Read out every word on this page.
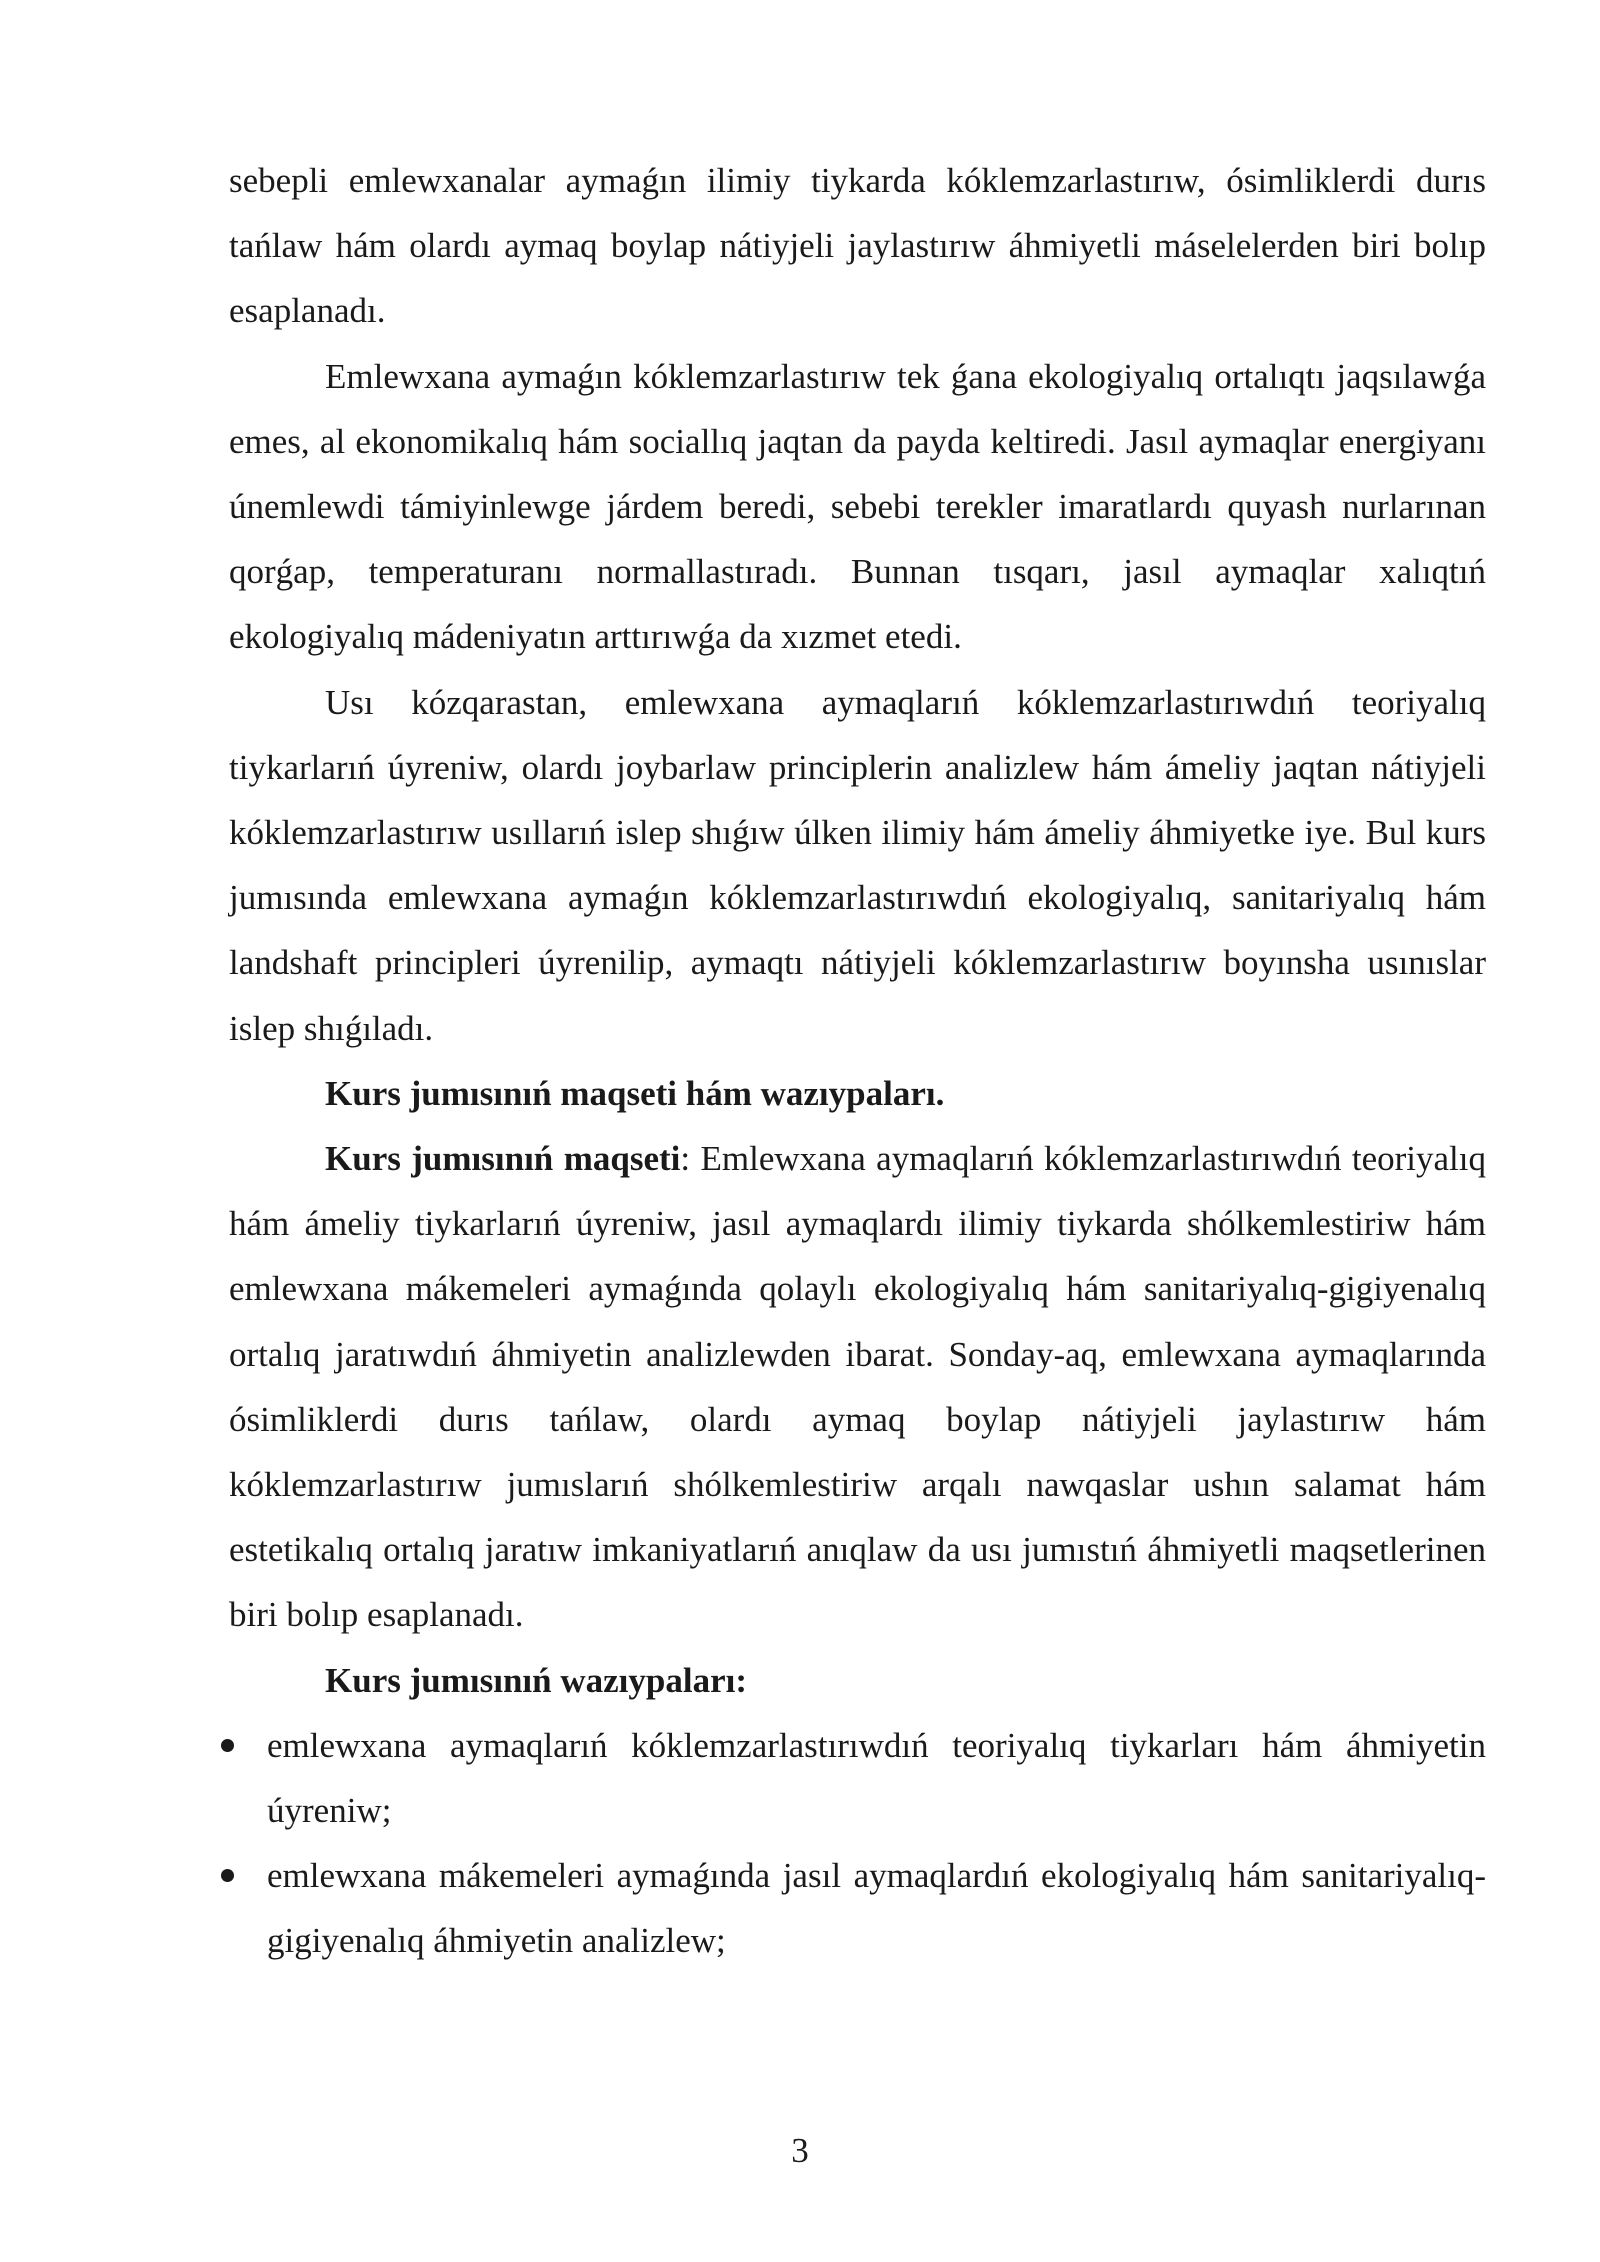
sebepli emlewxanalar aymaǵın ilimiy tiykarda kóklemzarlastırıw, ósimliklerdi durıs tańlaw hám olardı aymaq boylap nátiyjeli jaylastırıw áhmiyetli máselelerden biri bolıp esaplanadı.

Emlewxana aymaǵın kóklemzarlastırıw tek ǵana ekologiyalıq ortalıqtı jaqsılawǵa emes, al ekonomikalıq hám sociallıq jaqtan da payda keltiredi. Jasıl aymaqlar energiyanı únemlewdi támiyinlewge járdem beredi, sebebi terekler imaratlardı quyash nurlarınan qorǵap, temperaturanı normallastıradı. Bunnan tısqarı, jasıl aymaqlar xalıqtıń ekologiyalıq mádeniyatın arttırıwǵa da xızmet etedi.

Usı kózqarastan, emlewxana aymaqlarıń kóklemzarlastırıwdıń teoriyalıq tiykarlarıń úyreniw, olardı joybarlaw principlerin analizlew hám ámeliy jaqtan nátiyjeli kóklemzarlastırıw usıllarıń islep shıǵıw úlken ilimiy hám ámeliy áhmiyetke iye. Bul kurs jumısında emlewxana aymaǵın kóklemzarlastırıwdıń ekologiyalıq, sanitariyalıq hám landshaft principleri úyrenilip, aymaqtı nátiyjeli kóklemzarlastırıw boyınsha usınıslar islep shıǵıladı.

Kurs jumısınıń maqseti hám wazıypaları.

Kurs jumısınıń maqseti: Emlewxana aymaqlarıń kóklemzarlastırıwdıń teoriyalıq hám ámeliy tiykarlarıń úyreniw, jasıl aymaqlardı ilimiy tiykarda shólkemlestiriw hám emlewxana mákemeleri aymaǵında qolaylı ekologiyalıq hám sanitariyalıq-gigiyenalıq ortalıq jaratıwdıń áhmiyetin analizlewden ibarat. Sonday-aq, emlewxana aymaqlarında ósimliklerdi durıs tańlaw, olardı aymaq boylap nátiyjeli jaylastırıw hám kóklemzarlastırıw jumıslarıń shólkemlestiriw arqalı nawqaslar ushın salamat hám estetikalıq ortalıq jaratıw imkaniyatlarıń anıqlaw da usı jumıstıń áhmiyetli maqsetlerinen biri bolıp esaplanadı.

Kurs jumısınıń wazıypaları:

emlewxana aymaqlarıń kóklemzarlastırıwdıń teoriyalıq tiykarları hám áhmiyetin úyreniw;
emlewxana mákemeleri aymaǵında jasıl aymaqlardıń ekologiyalıq hám sanitariyalıq-gigiyenalıq áhmiyetin analizlew;
3
